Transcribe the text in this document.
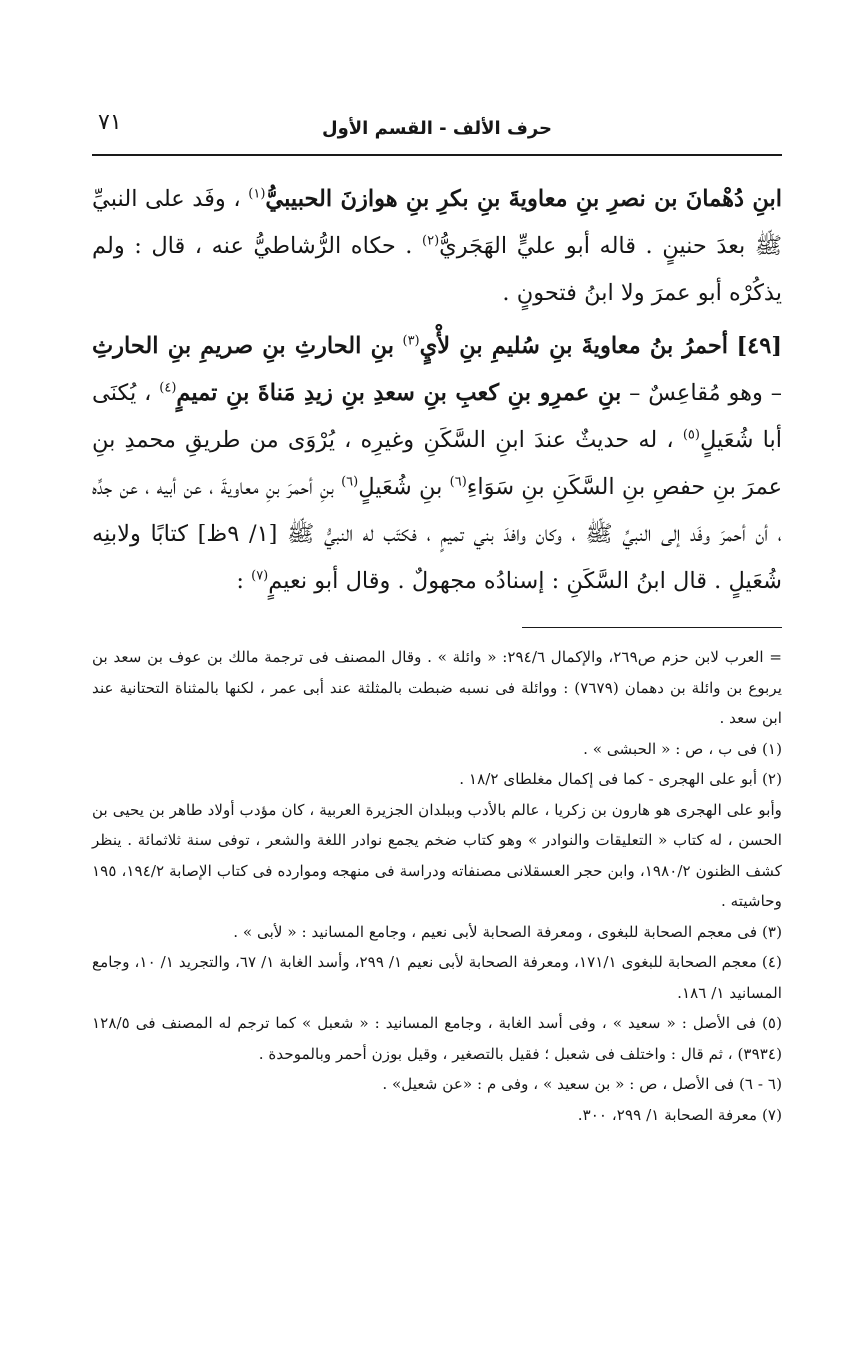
حرف الألف - القسم الأول
٧١

ابنِ دُهْمانَ بن نصرِ بنِ معاويةَ بنِ بكرِ بنِ هوازنَ الحبيبيُّ$^{(١)}$ ، وفَد على النبيِّ ﷺ بعدَ حنينٍ . قاله أبو عليٍّ الهَجَريُّ$^{(٢)}$ . حكاه الرُّشاطيُّ عنه ، قال : ولم يذكُرْه أبو عمرَ ولا ابنُ فتحونٍ .

[٤٩] أحمرُ بنُ معاويةَ بنِ سُليمِ بنِ لأْيٍ$^{(٣)}$ بنِ الحارثِ بنِ صريمِ بنِ الحارثِ – وهو مُقاعِسٌ – بنِ عمرِو بنِ كعبِ بنِ سعدِ بنِ زيدِ مَناةَ بنِ تميمٍ$^{(٤)}$ ، يُكنَى أبا شُعَيلٍ$^{(٥)}$ ، له حديثٌ عندَ ابنِ السَّكَنِ وغيرِه ، يُرْوَى من طريقِ محمدِ بنِ عمرَ بنِ حفصِ بنِ السَّكَنِ بنِ سَوَاءِ$^{(٦)}$ بنِ شُعَيلٍ$^{(٦)}$ بنِ أحمرَ بنِ معاويةَ ، عن أبيه ، عن جدِّه ، أن أحمرَ وفَد إلى النبيِّ ﷺ ، وكان وافدَ بني تميمٍ ، فكتَب له النبيُّ ﷺ [١/ ٩ظ] كتابًا ولابنِه شُعَيلٍ . قال ابنُ السَّكَنِ : إسنادُه مجهولٌ . وقال أبو نعيمٍ$^{(٧)}$ :

= العرب لابن حزم ص٢٦٩، والإكمال ٢٩٤/٦: « وائلة » . وقال المصنف فى ترجمة مالك بن عوف بن سعد بن يربوع بن وائلة بن دهمان (٧٦٧٩) : ووائلة فى نسبه ضبطت بالمثلثة عند أبى عمر ، لكنها بالمثناة التحتانية عند ابن سعد .

(١) فى ب ، ص : « الحبشى » .

(٢) أبو على الهجرى - كما فى إكمال مغلطاى ١٨/٢ .

وأبو على الهجرى هو هارون بن زكريا ، عالم بالأدب وببلدان الجزيرة العربية ، كان مؤدب أولاد طاهر بن يحيى بن الحسن ، له كتاب « التعليقات والنوادر » وهو كتاب ضخم يجمع نوادر اللغة والشعر ، توفى سنة ثلاثمائة . ينظر كشف الظنون ١٩٨٠/٢، وابن حجر العسقلانى مصنفاته ودراسة فى منهجه وموارده فى كتاب الإصابة ١٩٤/٢، ١٩٥ وحاشيته .

(٣) فى معجم الصحابة للبغوى ، ومعرفة الصحابة لأبى نعيم ، وجامع المسانيد : « لأبى » .

(٤) معجم الصحابة للبغوى ١٧١/١، ومعرفة الصحابة لأبى نعيم ١/ ٢٩٩، وأسد الغابة ١/ ٦٧، والتجريد ١/ ١٠، وجامع المسانيد ١/ ١٨٦.

(٥) فى الأصل : « سعيد » ، وفى أسد الغابة ، وجامع المسانيد : « شعبل » كما ترجم له المصنف فى ١٢٨/٥ (٣٩٣٤) ، ثم قال : واختلف فى شعبل ؛ فقيل بالتصغير ، وقيل بوزن أحمر وبالموحدة .

(٦ - ٦) فى الأصل ، ص : « بن سعيد » ، وفى م : «عن شعيل» .

(٧) معرفة الصحابة ١/ ٢٩٩، ٣٠٠.
